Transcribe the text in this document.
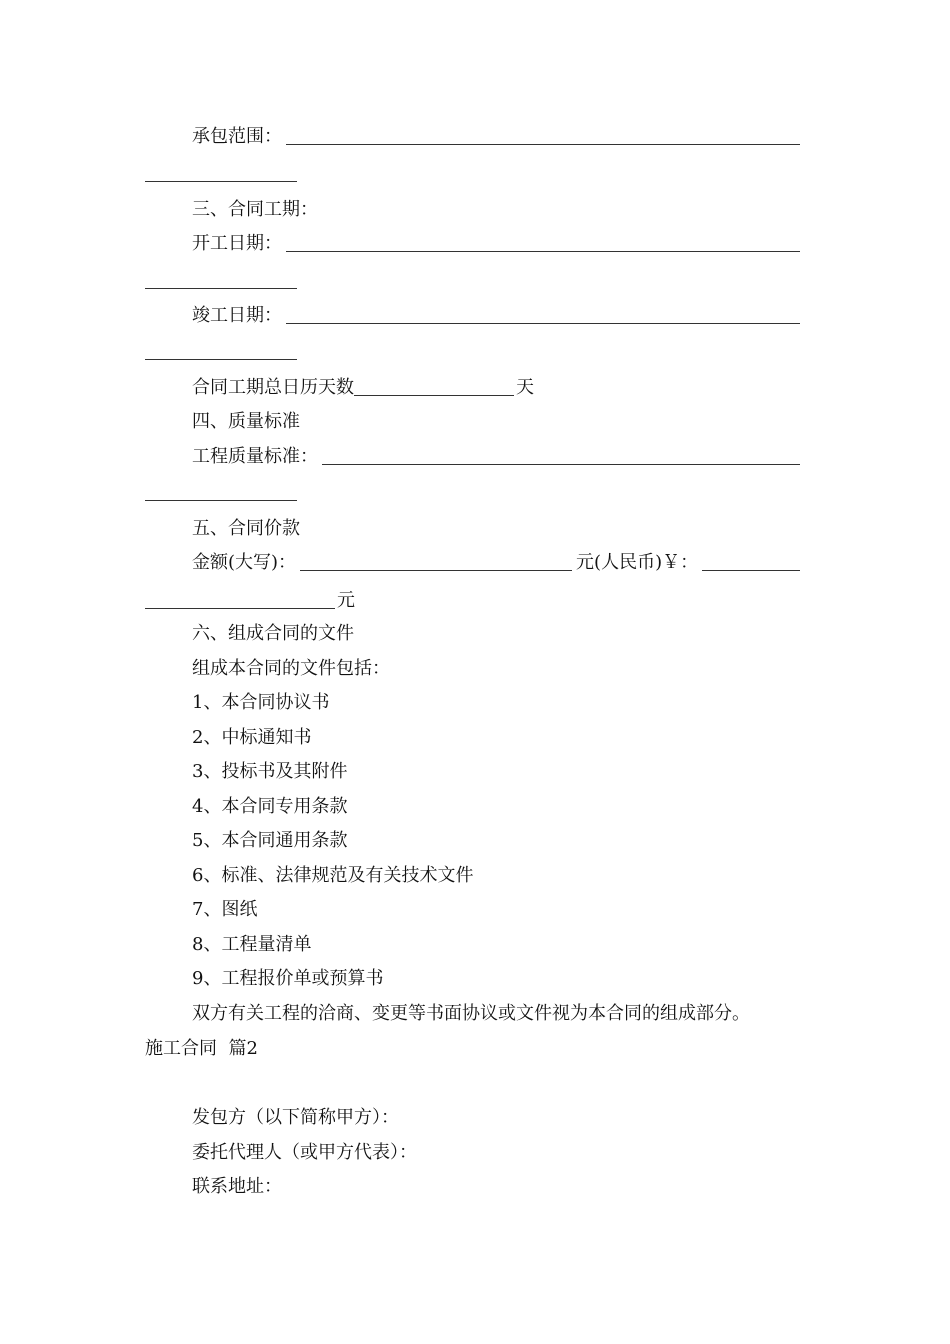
承包范围：
三、合同工期：
开工日期：
竣工日期：
合同工期总日历天数	天
四、质量标准
工程质量标准：
五、合同价款
金额(大写)：	元(人民币)￥：
元
六、组成合同的文件
组成本合同的文件包括：
1、本合同协议书
2、中标通知书
3、投标书及其附件
4、本合同专用条款
5、本合同通用条款
6、标准、法律规范及有关技术文件
7、图纸
8、工程量清单
9、工程报价单或预算书
双方有关工程的洽商、变更等书面协议或文件视为本合同的组成部分。
施工合同  篇2
发包方（以下简称甲方）：
委托代理人（或甲方代表）：
联系地址：
